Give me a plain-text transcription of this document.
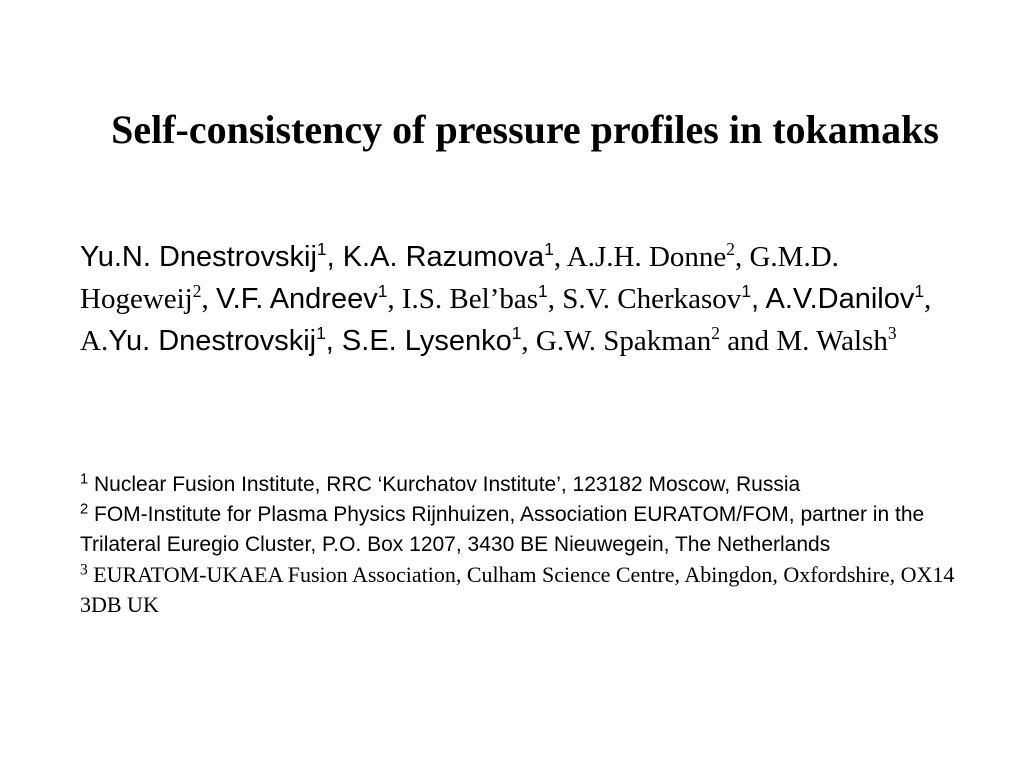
Self-consistency of pressure profiles in tokamaks
Yu.N. Dnestrovskij$^1$, K.A. Razumova$^1$, A.J.H. Donne$^2$, G.M.D. Hogeweij$^2$, V.F. Andreev$^1$, I.S. Bel’bas$^1$, S.V. Cherkasov$^1$, A.V.Danilov$^1$, A.Yu. Dnestrovskij$^1$, S.E. Lysenko$^1$, G.W. Spakman$^2$ and M. Walsh$^3$
$^1$ Nuclear Fusion Institute, RRC ‘Kurchatov Institute’, 123182 Moscow, Russia
$^2$ FOM-Institute for Plasma Physics Rijnhuizen, Association EURATOM/FOM, partner in the Trilateral Euregio Cluster, P.O. Box 1207, 3430 BE Nieuwegein, The Netherlands
$^3$ EURATOM-UKAEA Fusion Association, Culham Science Centre, Abingdon, Oxfordshire, OX14 3DB UK
